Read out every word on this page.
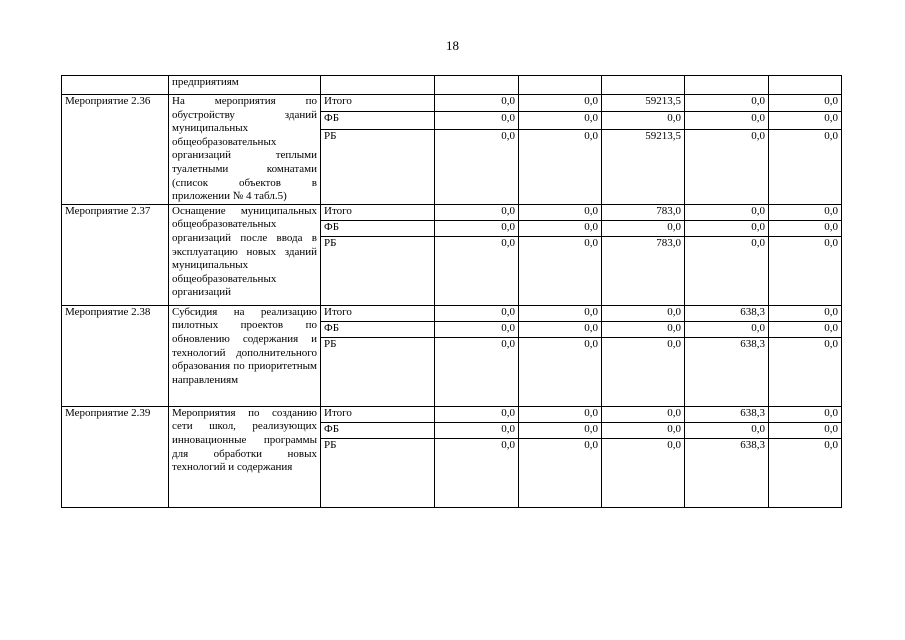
18
	предприятиям						
Мероприятие 2.36	На мероприятия по обустройству зданий муниципальных общеобразовательных организаций теплыми туалетными комнатами (список объектов в приложении № 4 табл.5)	Итого	0,0	0,0	59213,5	0,0	0,0
		ФБ	0,0	0,0	0,0	0,0	0,0
		РБ	0,0	0,0	59213,5	0,0	0,0
Мероприятие 2.37	Оснащение муниципальных общеобразовательных организаций после ввода в эксплуатацию новых зданий муниципальных общеобразовательных организаций	Итого	0,0	0,0	783,0	0,0	0,0
		ФБ	0,0	0,0	0,0	0,0	0,0
		РБ	0,0	0,0	783,0	0,0	0,0
Мероприятие 2.38	Субсидия на реализацию пилотных проектов по обновлению содержания и технологий дополнительного образования по приоритетным направлениям	Итого	0,0	0,0	0,0	638,3	0,0
		ФБ	0,0	0,0	0,0	0,0	0,0
		РБ	0,0	0,0	0,0	638,3	0,0
Мероприятие 2.39	Мероприятия по созданию сети школ, реализующих инновационные программы для обработки новых технологий и содержания	Итого	0,0	0,0	0,0	638,3	0,0
		ФБ	0,0	0,0	0,0	0,0	0,0
		РБ	0,0	0,0	0,0	638,3	0,0
